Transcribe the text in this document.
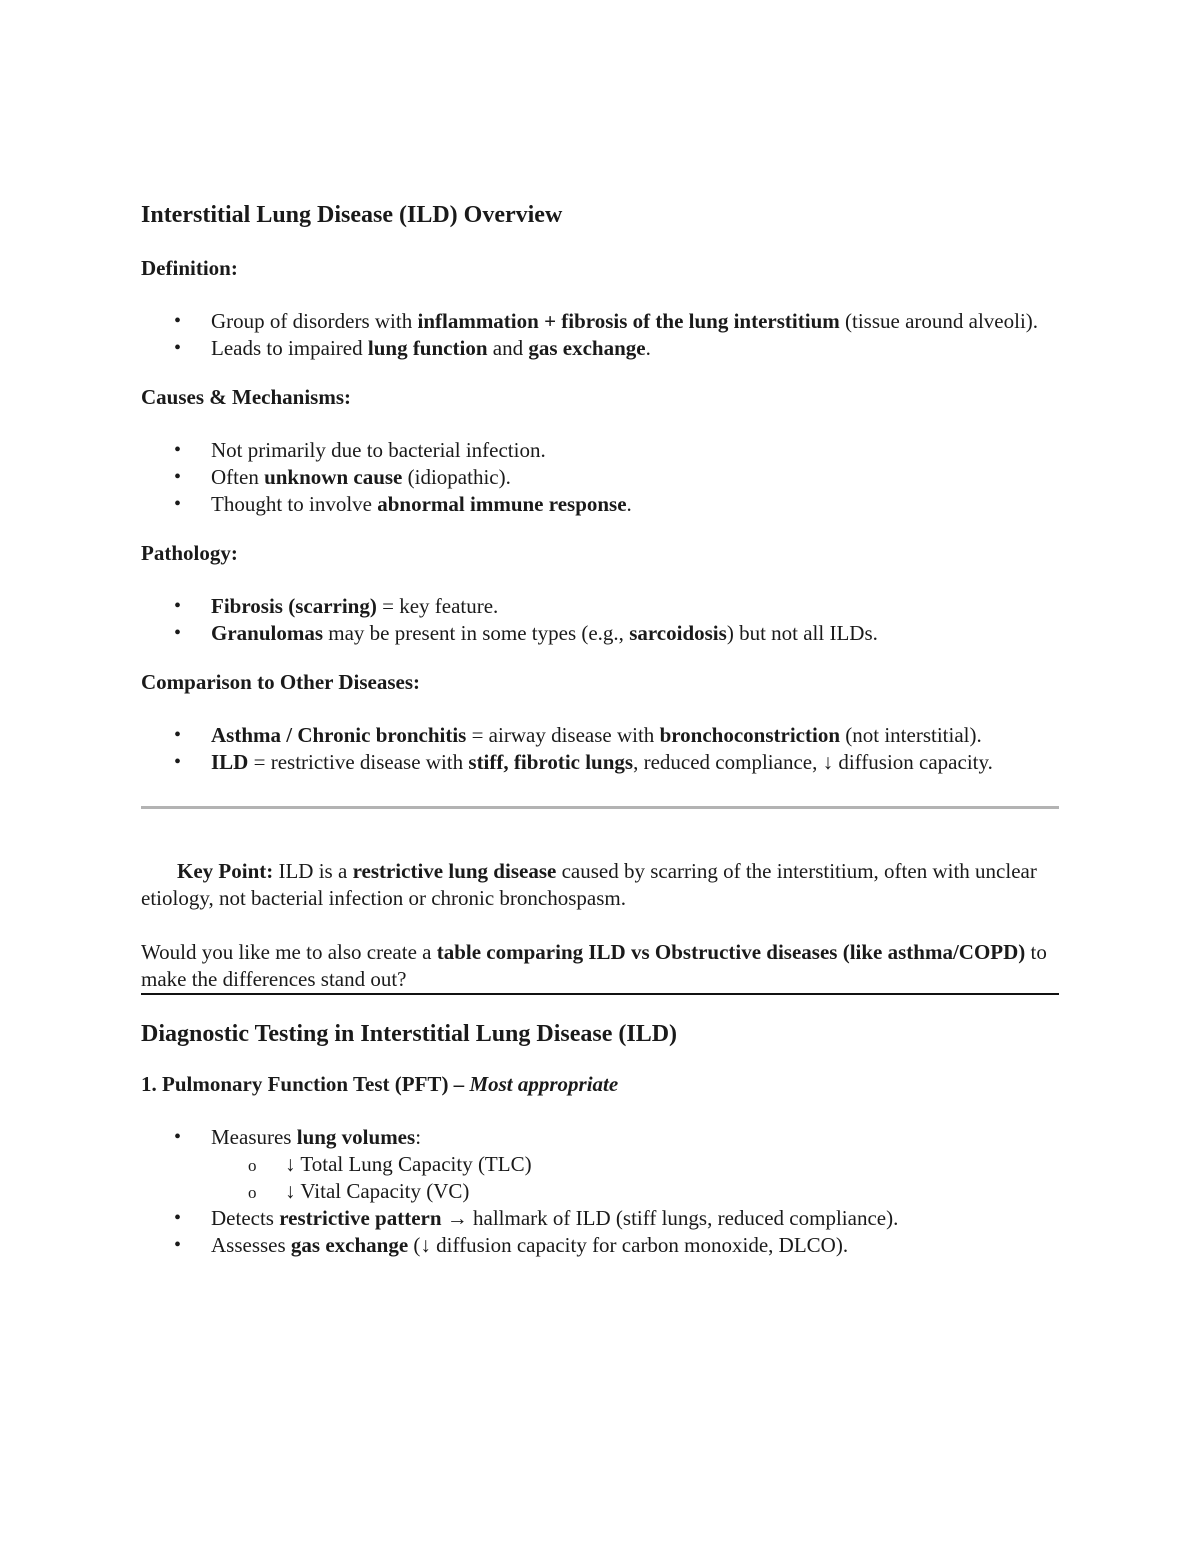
Interstitial Lung Disease (ILD) Overview

Definition:

• Group of disorders with inflammation + fibrosis of the lung interstitium (tissue around alveoli).
• Leads to impaired lung function and gas exchange.

Causes & Mechanisms:

• Not primarily due to bacterial infection.
• Often unknown cause (idiopathic).
• Thought to involve abnormal immune response.

Pathology:

• Fibrosis (scarring) = key feature.
• Granulomas may be present in some types (e.g., sarcoidosis) but not all ILDs.

Comparison to Other Diseases:

• Asthma / Chronic bronchitis = airway disease with bronchoconstriction (not interstitial).
• ILD = restrictive disease with stiff, fibrotic lungs, reduced compliance, ↓ diffusion capacity.

Key Point: ILD is a restrictive lung disease caused by scarring of the interstitium, often with unclear etiology, not bacterial infection or chronic bronchospasm.

Would you like me to also create a table comparing ILD vs Obstructive diseases (like asthma/COPD) to make the differences stand out?

Diagnostic Testing in Interstitial Lung Disease (ILD)

1. Pulmonary Function Test (PFT) – Most appropriate

• Measures lung volumes:
o ↓ Total Lung Capacity (TLC)
o ↓ Vital Capacity (VC)
• Detects restrictive pattern → hallmark of ILD (stiff lungs, reduced compliance).
• Assesses gas exchange (↓ diffusion capacity for carbon monoxide, DLCO).
